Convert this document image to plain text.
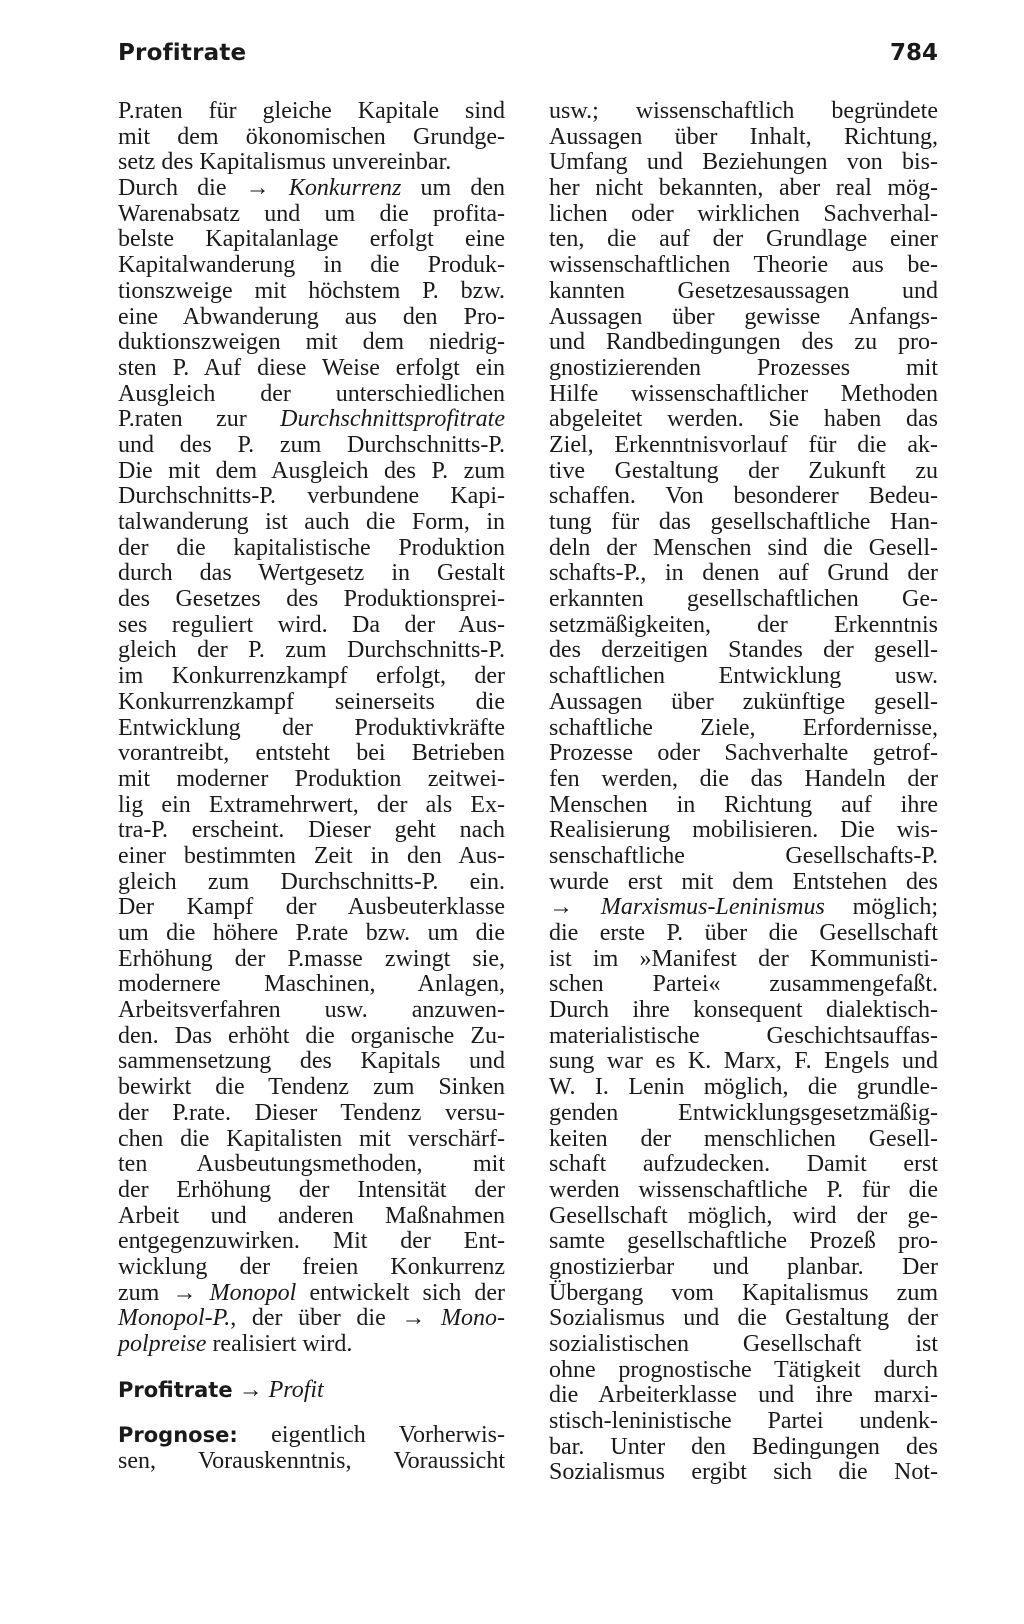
Profitrate	784
P.raten für gleiche Kapitale sind
mit dem ökonomischen Grundge-
setz des Kapitalismus unvereinbar.
Durch die → Konkurrenz um den
Warenabsatz und um die profita-
belste Kapitalanlage erfolgt eine
Kapitalwanderung in die Produk-
tionszweige mit höchstem P. bzw.
eine Abwanderung aus den Pro-
duktionszweigen mit dem niedrig-
sten P. Auf diese Weise erfolgt ein
Ausgleich der unterschiedlichen
P.raten zur Durchschnittsprofitrate
und des P. zum Durchschnitts-P.
Die mit dem Ausgleich des P. zum
Durchschnitts-P. verbundene Kapi-
talwanderung ist auch die Form, in
der die kapitalistische Produktion
durch das Wertgesetz in Gestalt
des Gesetzes des Produktionsprei-
ses reguliert wird. Da der Aus-
gleich der P. zum Durchschnitts-P.
im Konkurrenzkampf erfolgt, der
Konkurrenzkampf seinerseits die
Entwicklung der Produktivkräfte
vorantreibt, entsteht bei Betrieben
mit moderner Produktion zeitwei-
lig ein Extramehrwert, der als Ex-
tra-P. erscheint. Dieser geht nach
einer bestimmten Zeit in den Aus-
gleich zum Durchschnitts-P. ein.
Der Kampf der Ausbeuterklasse
um die höhere P.rate bzw. um die
Erhöhung der P.masse zwingt sie,
modernere Maschinen, Anlagen,
Arbeitsverfahren usw. anzuwen-
den. Das erhöht die organische Zu-
sammensetzung des Kapitals und
bewirkt die Tendenz zum Sinken
der P.rate. Dieser Tendenz versu-
chen die Kapitalisten mit verschärf-
ten Ausbeutungsmethoden, mit
der Erhöhung der Intensität der
Arbeit und anderen Maßnahmen
entgegenzuwirken. Mit der Ent-
wicklung der freien Konkurrenz
zum → Monopol entwickelt sich der
Monopol-P., der über die → Mono-
polpreise realisiert wird.
Profitrate → Profit
Prognose: eigentlich Vorherwis-
sen, Vorauskenntnis, Voraussicht
usw.; wissenschaftlich begründete
Aussagen über Inhalt, Richtung,
Umfang und Beziehungen von bis-
her nicht bekannten, aber real mög-
lichen oder wirklichen Sachverhal-
ten, die auf der Grundlage einer
wissenschaftlichen Theorie aus be-
kannten Gesetzesaussagen und
Aussagen über gewisse Anfangs-
und Randbedingungen des zu pro-
gnostizierenden Prozesses mit
Hilfe wissenschaftlicher Methoden
abgeleitet werden. Sie haben das
Ziel, Erkenntnisvorlauf für die ak-
tive Gestaltung der Zukunft zu
schaffen. Von besonderer Bedeu-
tung für das gesellschaftliche Han-
deln der Menschen sind die Gesell-
schafts-P., in denen auf Grund der
erkannten gesellschaftlichen Ge-
setzmäßigkeiten, der Erkenntnis
des derzeitigen Standes der gesell-
schaftlichen Entwicklung usw.
Aussagen über zukünftige gesell-
schaftliche Ziele, Erfordernisse,
Prozesse oder Sachverhalte getrof-
fen werden, die das Handeln der
Menschen in Richtung auf ihre
Realisierung mobilisieren. Die wis-
senschaftliche Gesellschafts-P.
wurde erst mit dem Entstehen des
→ Marxismus-Leninismus möglich;
die erste P. über die Gesellschaft
ist im »Manifest der Kommunisti-
schen Partei« zusammengefaßt.
Durch ihre konsequent dialektisch-
materialistische Geschichtsauffas-
sung war es K. Marx, F. Engels und
W. I. Lenin möglich, die grundle-
genden Entwicklungsgesetzmäßig-
keiten der menschlichen Gesell-
schaft aufzudecken. Damit erst
werden wissenschaftliche P. für die
Gesellschaft möglich, wird der ge-
samte gesellschaftliche Prozeß pro-
gnostizierbar und planbar. Der
Übergang vom Kapitalismus zum
Sozialismus und die Gestaltung der
sozialistischen Gesellschaft ist
ohne prognostische Tätigkeit durch
die Arbeiterklasse und ihre marxi-
stisch-leninistische Partei undenk-
bar. Unter den Bedingungen des
Sozialismus ergibt sich die Not-
